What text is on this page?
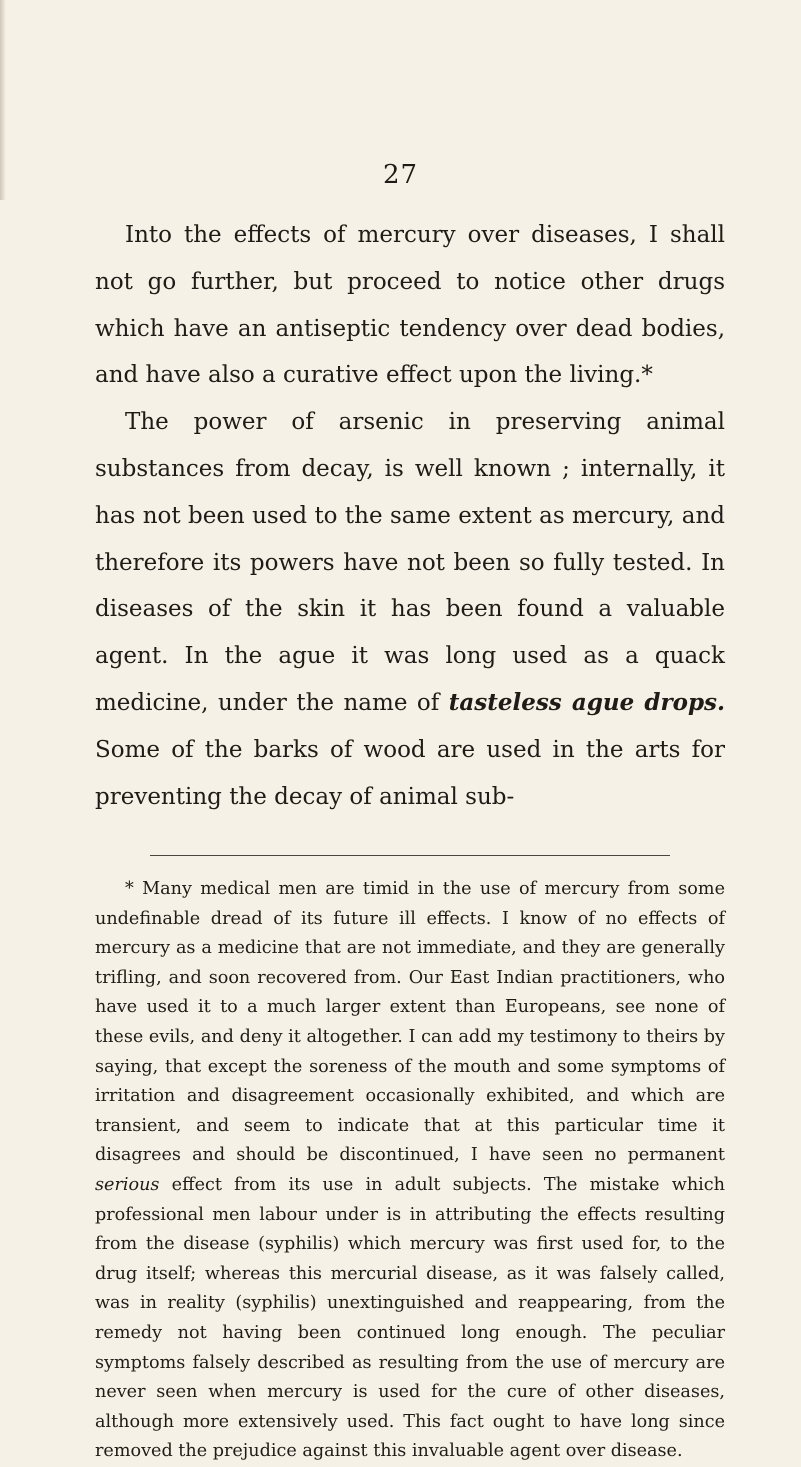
27

Into the effects of mercury over diseases, I shall not go further, but proceed to notice other drugs which have an antiseptic tendency over dead bodies, and have also a curative effect upon the living.*

The power of arsenic in preserving animal substances from decay, is well known ; internally, it has not been used to the same extent as mercury, and therefore its powers have not been so fully tested. In diseases of the skin it has been found a valuable agent. In the ague it was long used as a quack medicine, under the name of tasteless ague drops. Some of the barks of wood are used in the arts for preventing the decay of animal sub-

* Many medical men are timid in the use of mercury from some undefinable dread of its future ill effects. I know of no effects of mercury as a medicine that are not immediate, and they are generally trifling, and soon recovered from. Our East Indian practitioners, who have used it to a much larger extent than Europeans, see none of these evils, and deny it altogether. I can add my testimony to theirs by saying, that except the soreness of the mouth and some symptoms of irritation and disagreement occasionally exhibited, and which are transient, and seem to indicate that at this particular time it disagrees and should be discontinued, I have seen no permanent serious effect from its use in adult subjects. The mistake which professional men labour under is in attributing the effects resulting from the disease (syphilis) which mercury was first used for, to the drug itself; whereas this mercurial disease, as it was falsely called, was in reality (syphilis) unextinguished and reappearing, from the remedy not having been continued long enough. The peculiar symptoms falsely described as resulting from the use of mercury are never seen when mercury is used for the cure of other diseases, although more extensively used. This fact ought to have long since removed the prejudice against this invaluable agent over disease.
